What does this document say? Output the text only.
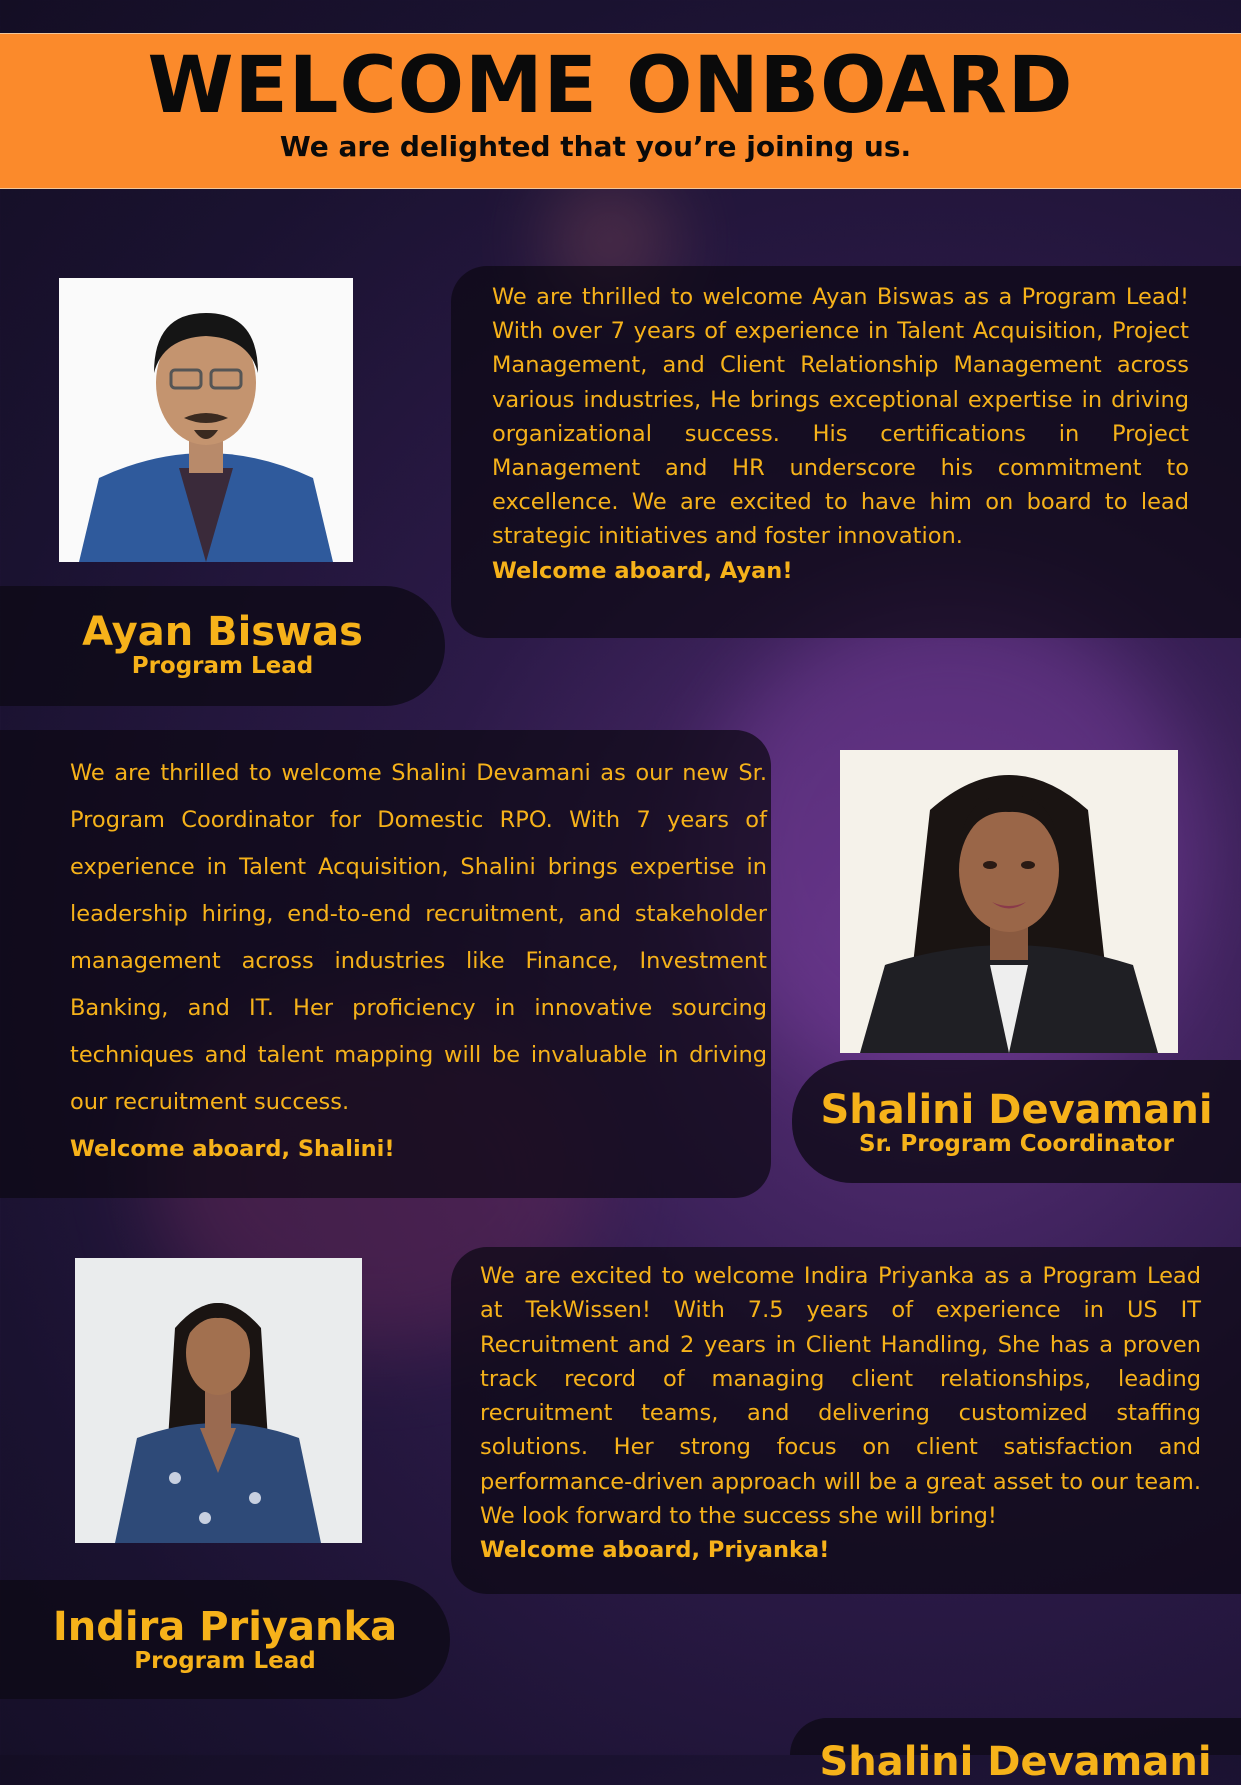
WELCOME ONBOARD
We are delighted that you’re joining us.

We are thrilled to welcome Ayan Biswas as a Program Lead! With over 7 years of experience in Talent Acquisition, Project Management, and Client Relationship Management across various industries, He brings exceptional expertise in driving organizational success. His certifications in Project Management and HR underscore his commitment to excellence. We are excited to have him on board to lead strategic initiatives and foster innovation.

Welcome aboard, Ayan!

Ayan Biswas
Program Lead

We are thrilled to welcome Shalini Devamani as our new Sr. Program Coordinator for Domestic RPO. With 7 years of experience in Talent Acquisition, Shalini brings expertise in leadership hiring, end-to-end recruitment, and stakeholder management across industries like Finance, Investment Banking, and IT. Her proficiency in innovative sourcing techniques and talent mapping will be invaluable in driving our recruitment success.

Welcome aboard, Shalini!

Shalini Devamani
Sr. Program Coordinator

We are excited to welcome Indira Priyanka as a Program Lead at TekWissen! With 7.5 years of experience in US IT Recruitment and 2 years in Client Handling, She has a proven track record of managing client relationships, leading recruitment teams, and delivering customized staffing solutions. Her strong focus on client satisfaction and performance-driven approach will be a great asset to our team. We look forward to the success she will bring!

Welcome aboard, Priyanka!

Indira Priyanka
Program Lead
Shalini Devamani
